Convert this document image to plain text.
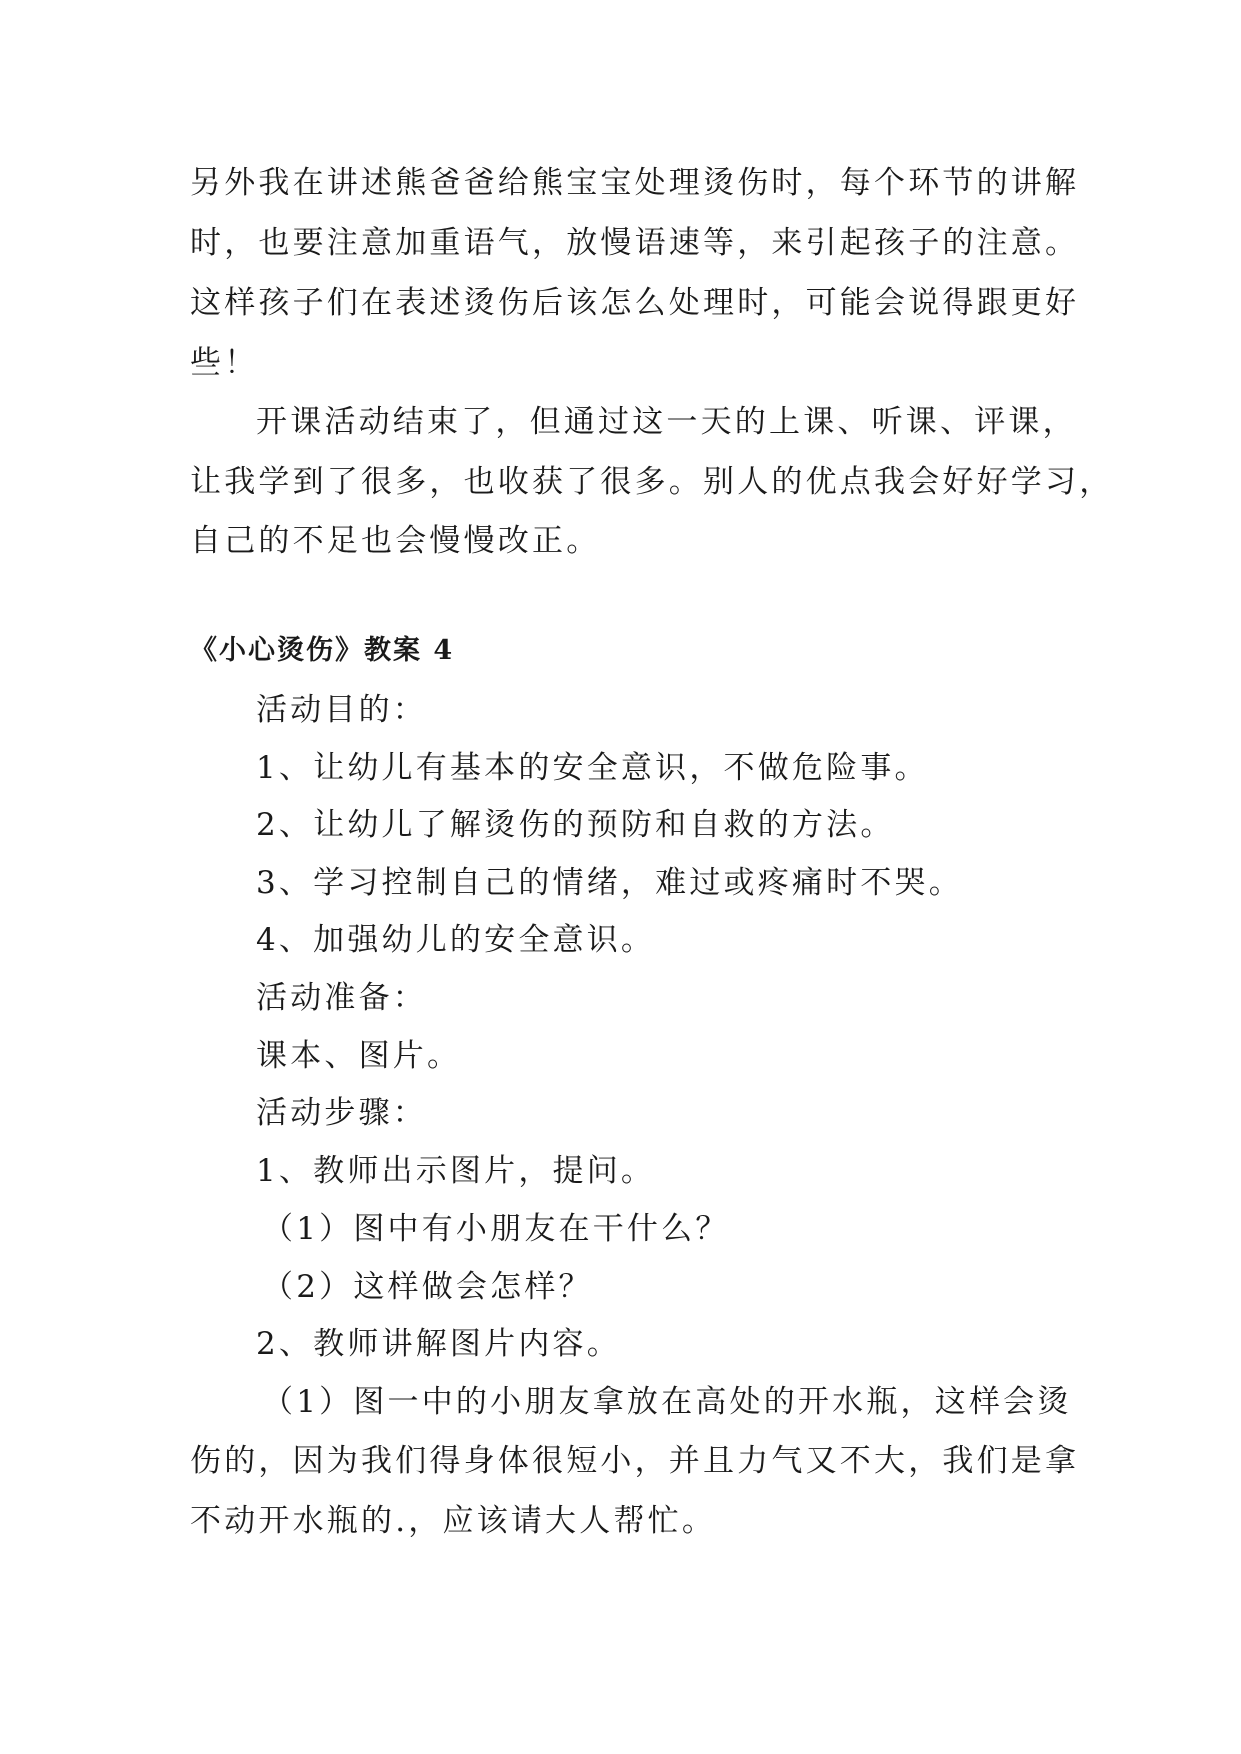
另外我在讲述熊爸爸给熊宝宝处理烫伤时，每个环节的讲解

时，也要注意加重语气，放慢语速等，来引起孩子的注意。

这样孩子们在表述烫伤后该怎么处理时，可能会说得跟更好

些！

开课活动结束了，但通过这一天的上课、听课、评课，

让我学到了很多，也收获了很多。别人的优点我会好好学习，

自己的不足也会慢慢改正。

《小心烫伤》教案 4

活动目的：

1、让幼儿有基本的安全意识，不做危险事。

2、让幼儿了解烫伤的预防和自救的方法。

3、学习控制自己的情绪，难过或疼痛时不哭。

4、加强幼儿的安全意识。

活动准备：

课本、图片。

活动步骤：

1、教师出示图片，提问。

（1）图中有小朋友在干什么？

（2）这样做会怎样？

2、教师讲解图片内容。

（1）图一中的小朋友拿放在高处的开水瓶，这样会烫

伤的，因为我们得身体很短小，并且力气又不大，我们是拿

不动开水瓶的.，应该请大人帮忙。
